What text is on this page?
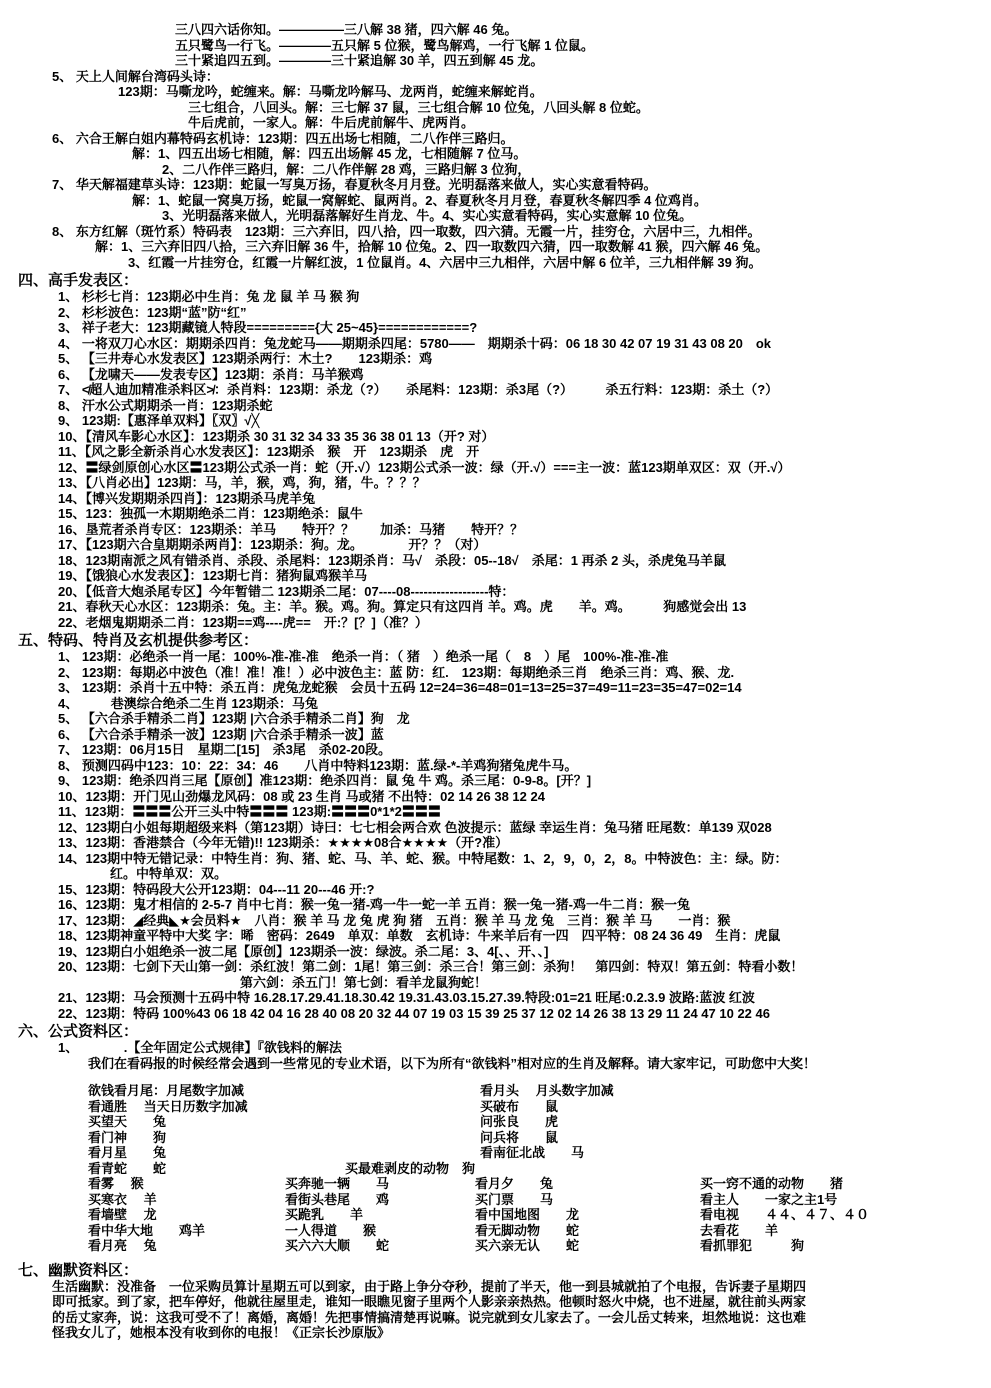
三八四六话你知。—————三八解 38 猪，四六解 46 兔。
五只鹭鸟一行飞。————五只解 5 位猴，鹭鸟解鸡，一行飞解 1 位鼠。
三十紧追四五到。————三十紧追解 30 羊，四五到解 45 龙。
5、 天上人间解台湾码头诗：
123期：马嘶龙吟，蛇缠来。解：马嘶龙吟解马、龙两肖，蛇缠来解蛇肖。
三七组合，八回头。解：三七解 37 鼠，三七组合解 10 位兔，八回头解 8 位蛇。
牛后虎前，一家人。解：牛后虎前解牛、虎两肖。
6、 六合王解白姐内幕特码玄机诗：123期：四五出场七相随，二八作伴三路归。
解：1、四五出场七相随，解：四五出场解 45 龙，七相随解 7 位马。
2、二八作伴三路归，解：二八作伴解 28 鸡，三路归解 3 位狗，
7、 华天解福建草头诗：123期：蛇鼠一写臭万扬，春夏秋冬月月登。光明磊落来做人，实心实意看特码。
解：1、蛇鼠一窝臭万扬，蛇鼠一窝解蛇、鼠两肖。2、春夏秋冬月月登，春夏秋冬解四季 4 位鸡肖。
3、光明磊落来做人，光明磊落解好生肖龙、牛。4、实心实意看特码，实心实意解 10 位兔。
8、 东方红解（斑竹系）特码表　123期：三六弃旧，四八拾，四一取数，四六猜。无霞一片，挂穷仓，六居中三，九相伴。
解：1、三六弃旧四八拾，三六弃旧解 36 牛，拾解 10 位兔。2、四一取数四六猜，四一取数解 41 猴，四六解 46 兔。
3、红霞一片挂穷仓，红霞一片解红波，1 位鼠肖。4、六居中三九相伴，六居中解 6 位羊，三九相伴解 39 狗。
四、高手发表区：
1、 杉杉七肖：123期必中生肖：兔 龙 鼠 羊 马 猴 狗
2、 杉杉波色：123期“蓝”防“红”
3、 祥子老大：123期藏镜人特段========={大 25~45}============?
4、 一将双刀心水区：期期杀四肖：兔龙蛇马——期期杀四尾：5780——　期期杀十码：06 18 30 42 07 19 31 43 08 20　ok
5、 【三井寿心水发表区】123期杀两行：木土?　　123期杀：鸡
6、 【龙啸天——发表专区】123期：杀肖：马羊猴鸡
7、 ≮超人迪加精准杀料区≯：杀肖料：123期：杀龙（?）　　杀尾料：123期：杀3尾（?）　　　杀五行料：123期：杀土（?）
8、 汗水公式期期杀一肖：123期杀蛇
9、 123期:【惠泽单双料】〖双〗√╳
10、【清风车影心水区】：123期杀 30 31 32 34 33 35 36 38 01 13（开? 对）
11、【风之影全新杀肖心水发表区】：123期杀　猴　开　123期杀　虎　开
12、〓绿剑原创心水区〓123期公式杀一肖：蛇（开.√）123期公式杀一波：绿（开.√）===主一波：蓝123期单双区：双（开.√）
13、【八肖必出】123期：马，羊，猴，鸡，狗，猪，牛。？？？
14、【博兴发期期杀四肖】：123期杀马虎羊兔
15、123：独孤一木期期绝杀二肖：123期绝杀：鼠牛
16、垦荒者杀肖专区：123期杀：羊马　　特开？？　　加杀：马猪　　特开？？
17、【123期六合皇期期杀两肖】：123期杀：狗。龙。　　　　开？？（对）
18、123期南派之风有错杀肖、杀段、杀尾料：123期杀肖：马√　杀段：05--18√　杀尾：1 再杀 2 头，杀虎兔马羊鼠
19、【饿狼心水发表区】：123期七肖：猪狗鼠鸡猴羊马
20、【低音大炮杀尾专区】今年暂错二 123期杀二尾：07----08------------------特：
21、春秋天心水区：123期杀：兔。主：羊。猴。鸡。狗。算定只有这四肖 羊。鸡。虎　　羊。鸡。　　　狗感觉会出 13
22、老烟鬼期期杀二肖：123期==鸡----虎==　开:？[？]（准？）
五、特码、特肖及玄机提供参考区：
1、 123期：必绝杀一肖一尾：100%-准-准-准　绝杀一肖：（ 猪　）绝杀一尾（　8　）尾　100%-准-准-准
2、 123期：每期必中波色（准！准！准！）必中波色主：蓝 防：红.　123期：每期绝杀三肖　绝杀三肖：鸡、猴、龙.
3、 123期：杀肖十五中特：杀五肖：虎兔龙蛇猴　会员十五码 12=24=36=48=01=13=25=37=49=11=23=35=47=02=14
4、　　　巷澳综合绝杀二生肖 123期杀：马兔
5、 【六合杀手精杀二肖】123期 |六合杀手精杀二肖】狗　龙
6、 【六合杀手精杀一波】123期 |六合杀手精杀一波】蓝
7、 123期：06月15日　星期二[15]　杀3尾　杀02-20段。
8、 预测四码中123：10：22：34：46　　八肖中特料123期：蓝.绿-*-羊鸡狗猪兔虎牛马。
9、 123期：绝杀四肖三尾【原创】准123期：绝杀四肖：鼠 兔 牛 鸡。杀三尾：0-9-8。[开？]
10、123期：开门见山劲爆龙风码：08 或 23 生肖 马或猪 不出特：02 14 26 38 12 24
11、123期：〓〓〓公开三头中特〓〓〓 123期:〓〓〓0*1*2〓〓〓
12、123期白小姐每期超级来料（第123期）诗曰：七七相会两合欢 色波提示：蓝绿 幸运生肖：兔马猪 旺尾数：单139 双028
13、123期：香港禁合（今年无错)!! 123期杀：★★★★08合★★★★（开?准）
14、123期中特无错记录：中特生肖：狗、猪、蛇、马、羊、蛇、猴。中特尾数：1、2，9，0，2，8。中特波色：主：绿。防：
红。中特单双：双。
15、123期：特码段大公开123期：04---11 20---46 开:?
16、123期：鬼才相信的 2-5-7 肖中七肖：猴一兔一猪-鸡一牛一蛇一羊 五肖：猴一兔一猪-鸡一牛二肖：猴一兔
17、123期：◢经典◣★会员料★　八肖：猴 羊 马 龙 兔 虎 狗 猪　五肖：猴 羊 马 龙 兔　三肖：猴 羊 马　　一肖：猴
18、123期神童平特中大奖 字：晞　密码：2649　单双：单数　玄机诗：牛来羊后有一四　四平特：08 24 36 49　生肖：虎鼠
19、123期白小姐绝杀一波二尾【原创】123期杀一波：绿波。杀二尾：3、4[、、开、、]
20、123期：七剑下天山第一剑：杀红波！第二剑：1尾！第三剑：杀三合！第三剑：杀狗！　第四剑：特双！第五剑：特看小数！
第六剑：杀五门！第七剑：看羊龙鼠狗蛇！
21、123期：马会预测十五码中特 16.28.17.29.41.18.30.42 19.31.43.03.15.27.39.特段:01=21 旺尾:0.2.3.9 波路:蓝波 红波
22、123期：特码 100%43 06 18 42 04 16 28 40 08 20 32 44 07 19 03 15 39 25 37 12 02 14 26 38 13 29 11 24 47 10 22 46
六、公式资料区：
1、　　　　.【全年固定公式规律】『欲钱料的解法
我们在看码报的时候经常会遇到一些常见的专业术语，以下为所有“欲钱料”相对应的生肖及解释。请大家牢记，可助您中大奖！
欲钱看月尾：月尾数字加减	看月头　 月头数字加减
看通胜　 当天日历数字加减	买破布　　鼠
买望天　　兔	问张良　　虎
看门神　　狗	问兵将　　鼠
看月星　　兔	看南征北战　　马
看青蛇　　蛇	买最难剥皮的动物　狗
看雾　 猴	买奔驰一辆　　马	看月夕　　兔	买一窍不通的动物　　猪
买寒衣　 羊	看街头巷尾　　鸡	买门票　　马	看主人　　一家之主1号
看墙壁　 龙	买跪乳　　羊	看中国地图　　龙	看电视　　４４、４７、４０
看中华大地　　鸡羊	一人得道　　猴	看无脚动物　　蛇	去看花　　羊
看月亮　 兔	买六六大顺　　蛇	买六亲无认　　蛇	看抓罪犯　　　狗
七、幽默资料区：
生活幽默：没准备　一位采购员算计星期五可以到家，由于路上争分夺秒，提前了半天，他一到县城就拍了个电报，告诉妻子星期四
即可抵家。到了家，把车停好，他就往屋里走，谁知一眼瞧见窗子里两个人影亲亲热热。他顿时怒火中烧，也不进屋，就往前头两家
的岳丈家奔，说：这我可受不了！离婚，离婚！先把事情搞清楚再说嘛。说完就到女儿家去了。一会儿岳丈转来，坦然地说：这也难
怪我女儿了，她根本没有收到你的电报！《正宗长沙原版》
